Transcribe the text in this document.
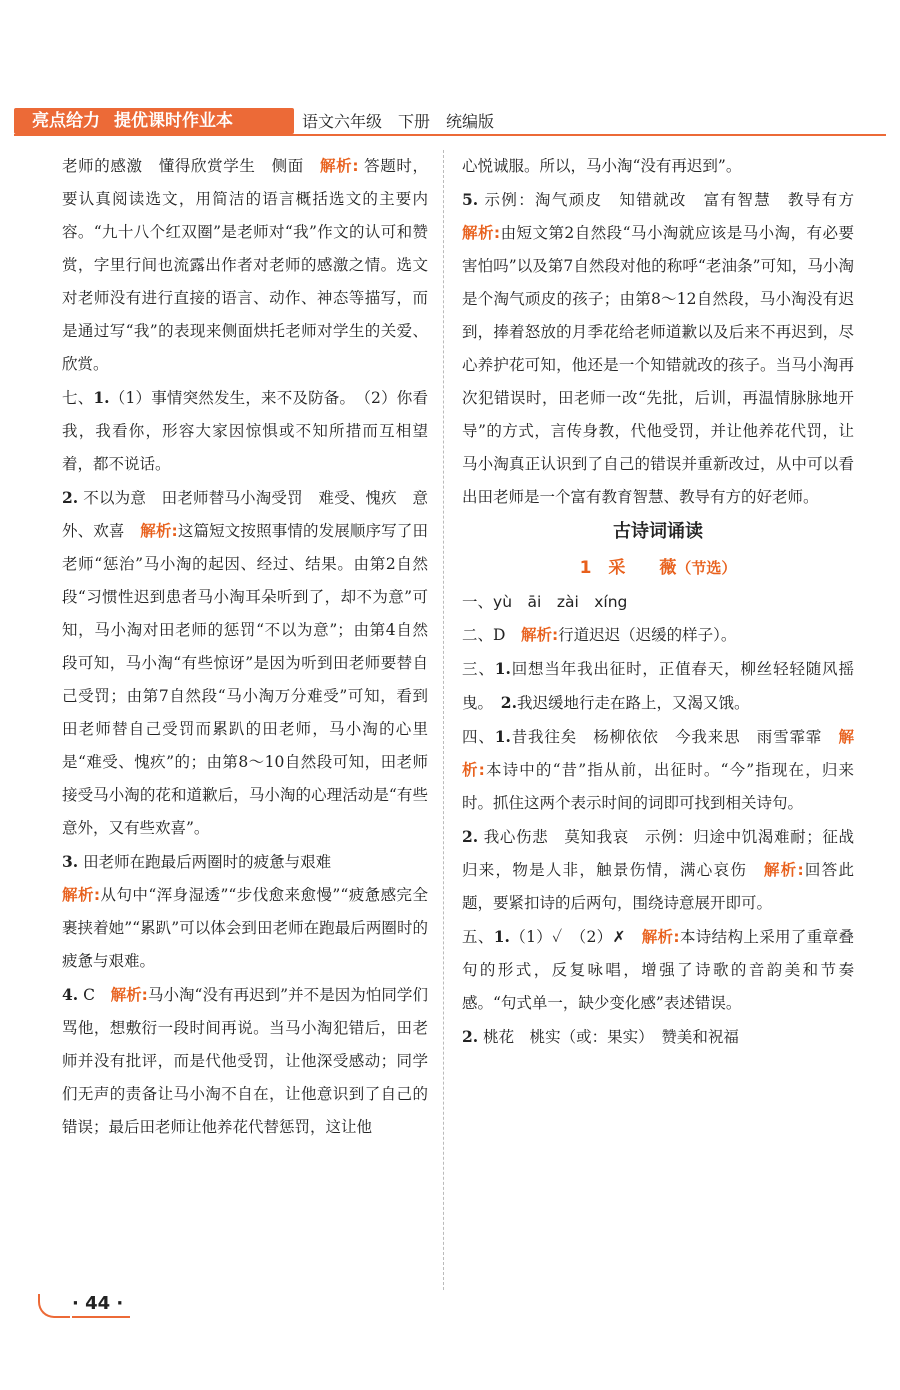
亮点给力 提优课时作业本	语文六年级 下册 统编版

老师的感激　懂得欣赏学生　侧面　解析: 答题时，要认真阅读选文，用简洁的语言概括选文的主要内容。“九十八个红双圈”是老师对“我”作文的认可和赞赏，字里行间也流露出作者对老师的感激之情。选文对老师没有进行直接的语言、动作、神态等描写，而是通过写“我”的表现来侧面烘托老师对学生的关爱、欣赏。

七、1.（1）事情突然发生，来不及防备。　（2）你看我，我看你，形容大家因惊惧或不知所措而互相望着，都不说话。

2. 不以为意　田老师替马小淘受罚　难受、愧疚　意外、欢喜　解析:这篇短文按照事情的发展顺序写了田老师“惩治”马小淘的起因、经过、结果。由第2自然段“习惯性迟到患者马小淘耳朵听到了，却不为意”可知，马小淘对田老师的惩罚“不以为意”；由第4自然段可知，马小淘“有些惊讶”是因为听到田老师要替自己受罚；由第7自然段“马小淘万分难受”可知，看到田老师替自己受罚而累趴的田老师，马小淘的心里是“难受、愧疚”的；由第8～10自然段可知，田老师接受马小淘的花和道歉后，马小淘的心理活动是“有些意外，又有些欢喜”。

3. 田老师在跑最后两圈时的疲惫与艰难
解析:从句中“浑身湿透”“步伐愈来愈慢”“疲惫感完全裹挟着她”“累趴”可以体会到田老师在跑最后两圈时的疲惫与艰难。

4. C　解析:马小淘“没有再迟到”并不是因为怕同学们骂他，想敷衍一段时间再说。当马小淘犯错后，田老师并没有批评，而是代他受罚，让他深受感动；同学们无声的责备让马小淘不自在，让他意识到了自己的错误；最后田老师让他养花代替惩罚，这让他

心悦诚服。所以，马小淘“没有再迟到”。

5. 示例：淘气顽皮　知错就改　富有智慧　教导有方　解析:由短文第2自然段“马小淘就应该是马小淘，有必要害怕吗”以及第7自然段对他的称呼“老油条”可知，马小淘是个淘气顽皮的孩子；由第8～12自然段，马小淘没有迟到，捧着怒放的月季花给老师道歉以及后来不再迟到，尽心养护花可知，他还是一个知错就改的孩子。当马小淘再次犯错误时，田老师一改“先批，后训，再温情脉脉地开导”的方式，言传身教，代他受罚，并让他养花代罚，让马小淘真正认识到了自己的错误并重新改过，从中可以看出田老师是一个富有教育智慧、教导有方的好老师。

古诗词诵读
1　采　　薇（节选）

一、yù　āi　zài　xíng

二、D　解析:行道迟迟（迟缓的样子）。

三、1.回想当年我出征时，正值春天，柳丝轻轻随风摇曳。　 2.我迟缓地行走在路上，又渴又饿。

四、1.昔我往矣　杨柳依依　今我来思　雨雪霏霏　解析:本诗中的“昔”指从前，出征时。“今”指现在，归来时。抓住这两个表示时间的词即可找到相关诗句。

2. 我心伤悲　莫知我哀　示例：归途中饥渴难耐；征战归来，物是人非，触景伤情，满心哀伤　解析:回答此题，要紧扣诗的后两句，围绕诗意展开即可。

五、1.（1）✓　（2）✗　解析:本诗结构上采用了重章叠句的形式，反复咏唱，增强了诗歌的音韵美和节奏感。“句式单一，缺少变化感”表述错误。

2. 桃花　桃实（或：果实）　赞美和祝福

· 44 ·
